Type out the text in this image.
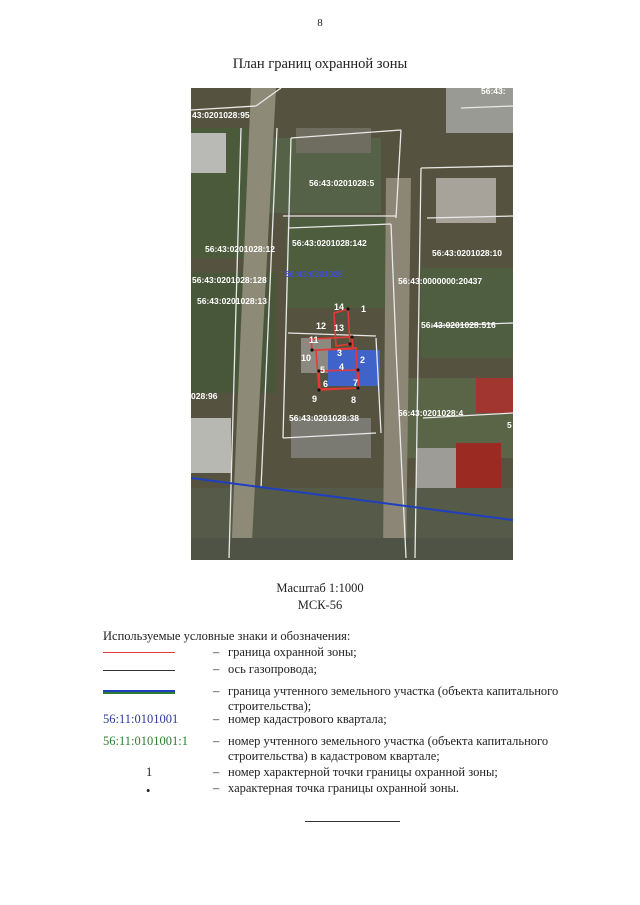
8
План границ охранной зоны
56:43:
43:0201028:95
56:43:0201028:5
56:43:0201028:12
56:43:0201028:142
56:43:0201028:10
56:43:0201028:128
56:43:0201028
56:43:0000000:20437
56:43:0201028:13
56:43:0201028:516
028:96
56:43:0201028:38	56:43:0201028:4
5
14 1
12 13
11
3
10	2
4
5
7
6
9	8
Масштаб 1:1000
МСК-56
Используемые условные знаки и обозначения:
– граница охранной зоны;
– ось газопровода;
– граница учтенного земельного участка (объекта капитального строительства);
56:11:0101001	– номер кадастрового квартала;
56:11:0101001:1 – номер учтенного земельного участка (объекта капитального строительства) в кадастровом квартале;
1	– номер характерной точки границы охранной зоны;
•	– характерная точка границы охранной зоны.
